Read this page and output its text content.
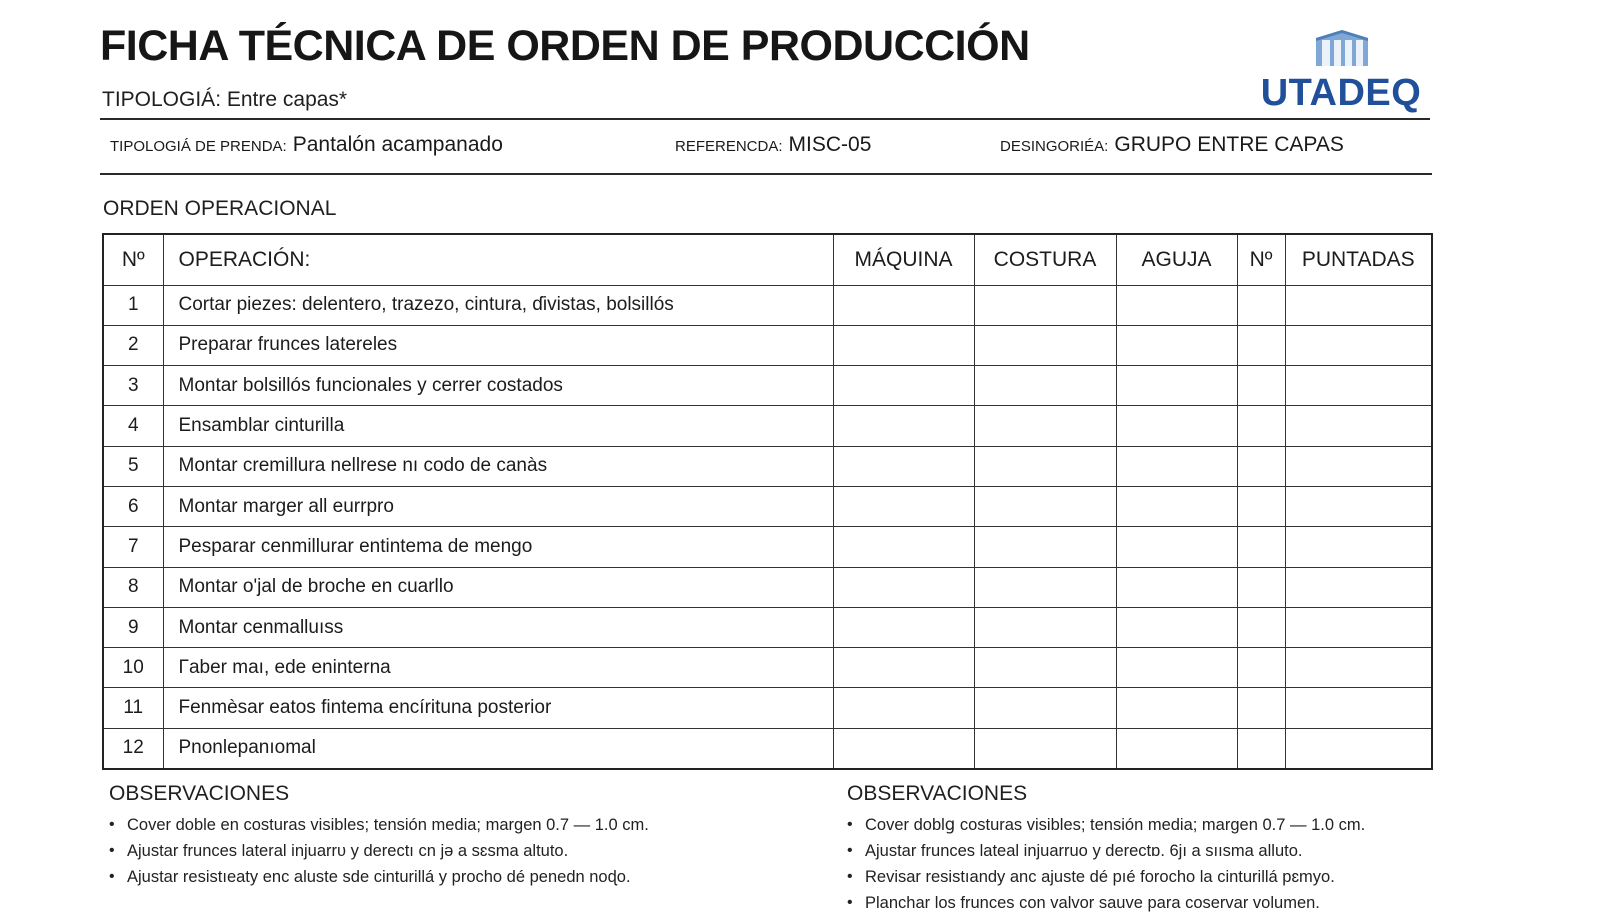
FICHA TÉCNICA DE ORDEN DE PRODUCCIÓN
TIPOLOGIÁ: Entre capas*	UTADEQ
TIPOLOGIÁ DE PRENDA: Pantalón acampanado	REFERENCDA: MISC-05	DESINGORIÉA: GRUPO ENTRE CAPAS
ORDEN OPERACIONAL
Nº	OPERACIÓN:	MÁQUINA	COSTURA	AGUJA	Nº	PUNTADAS
1	Cortar piezes: delentero, trazezo, cintura, ɗivistas, bolsillós					
2	Preparar frunces latereles					
3	Montar bolsillós funcionales y cerrer costados					
4	Ensamblar cinturilla					
5	Montar cremillura nellrese nı codo de canàs					
6	Montar marger all eurrpro					
7	Pesparar cenmillurar entintema de mengo					
8	Montar o'jal de broche en cuarllo					
9	Montar cenmalluıss					
10	Γaber maı, ede eninterna					
11	Fenmèsar eatos fintema encírituna posterior					
12	Pnonlepanıomal					
OBSERVACIONES
• Cover doble en costuras visibles; tensión media; margen 0.7 — 1.0 cm.
• Ajustar frunces lateral injuarrυ y derectı cn jə a sɛsma altuto.
• Ajustar resistıeaty enc aluste sde cinturillá y procho dé penedn noɖo.
OBSERVACIONES
• Cover doblց costuras visibles; tensión media; margen 0.7 — 1.0 cm.
• Ajustar frunces lateal injuarruo y derectɒ. 6jı a sıısma alluto.
• Revisar resistıandy anc ajuste dé pıé forocho la cinturillá pɛmyo.
• Planchar los frunces con valvor sauve para coservar volumen.
